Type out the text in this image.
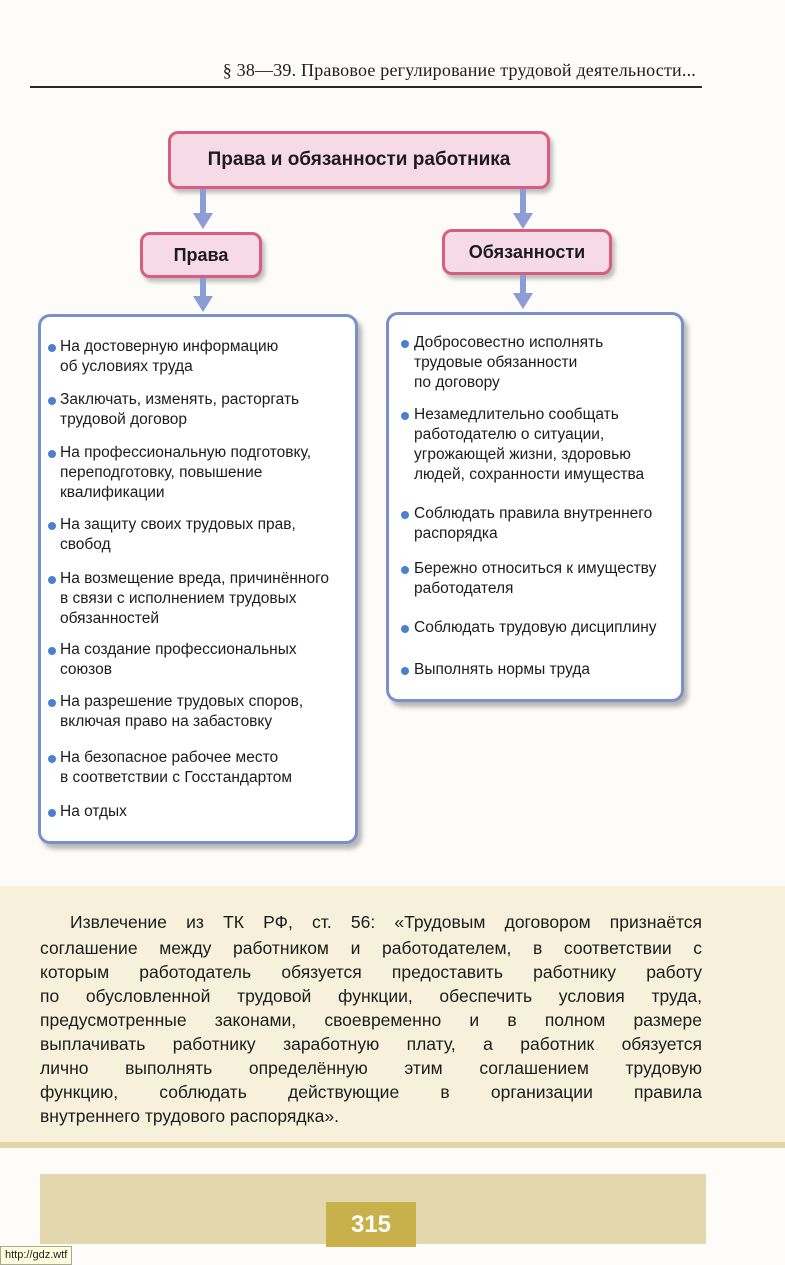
§ 38—39. Правовое регулирование трудовой деятельности...
Права и обязанности работника
Права	Обязанности
На достоверную информацию
об условиях труда
Заключать, изменять, расторгать
трудовой договор
На профессиональную подготовку,
переподготовку, повышение
квалификации
На защиту своих трудовых прав,
свобод
На возмещение вреда, причинённого
в связи с исполнением трудовых
обязанностей
На создание профессиональных
союзов
На разрешение трудовых споров,
включая право на забастовку
На безопасное рабочее место
в соответствии с Госстандартом
На отдых
Добросовестно исполнять
трудовые обязанности
по договору
Незамедлительно сообщать
работодателю о ситуации,
угрожающей жизни, здоровью
людей, сохранности имущества
Соблюдать правила внутреннего
распорядка
Бережно относиться к имуществу
работодателя
Соблюдать трудовую дисциплину
Выполнять нормы труда
Извлечение из ТК РФ, ст. 56: «Трудовым договором признаётся
соглашение между работником и работодателем, в соответствии с
которым работодатель обязуется предоставить работнику работу
по обусловленной трудовой функции, обеспечить условия труда,
предусмотренные законами, своевременно и в полном размере
выплачивать работнику заработную плату, а работник обязуется
лично выполнять определённую этим соглашением трудовую
функцию, соблюдать действующие в организации правила
внутреннего трудового распорядка».
315
http://gdz.wtf
